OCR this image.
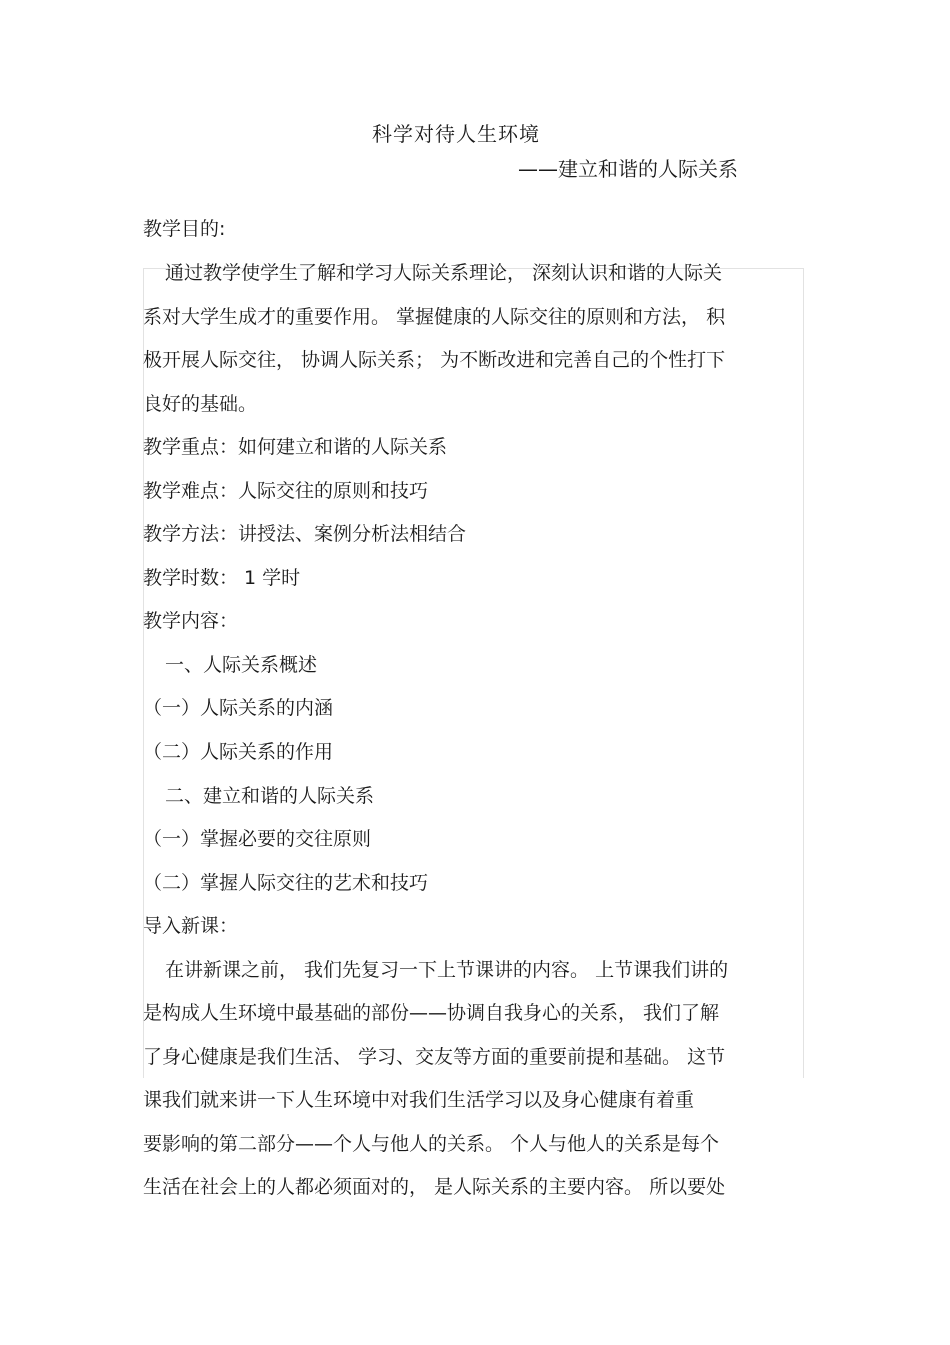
科学对待人生环境
——建立和谐的人际关系
教学目的:
通过教学使学生了解和学习人际关系理论， 深刻认识和谐的人际关
系对大学生成才的重要作用。 掌握健康的人际交往的原则和方法， 积
极开展人际交往， 协调人际关系； 为不断改进和完善自己的个性打下
良好的基础。
教学重点：如何建立和谐的人际关系
教学难点：人际交往的原则和技巧
教学方法：讲授法、案例分析法相结合
教学时数： 1 学时
教学内容：
一、人际关系概述
（一）人际关系的内涵
（二）人际关系的作用
二、建立和谐的人际关系
（一）掌握必要的交往原则
（二）掌握人际交往的艺术和技巧
导入新课：
在讲新课之前， 我们先复习一下上节课讲的内容。 上节课我们讲的
是构成人生环境中最基础的部份——协调自我身心的关系， 我们了解
了身心健康是我们生活、 学习、交友等方面的重要前提和基础。 这节
课我们就来讲一下人生环境中对我们生活学习以及身心健康有着重
要影响的第二部分——个人与他人的关系。 个人与他人的关系是每个
生活在社会上的人都必须面对的， 是人际关系的主要内容。 所以要处
